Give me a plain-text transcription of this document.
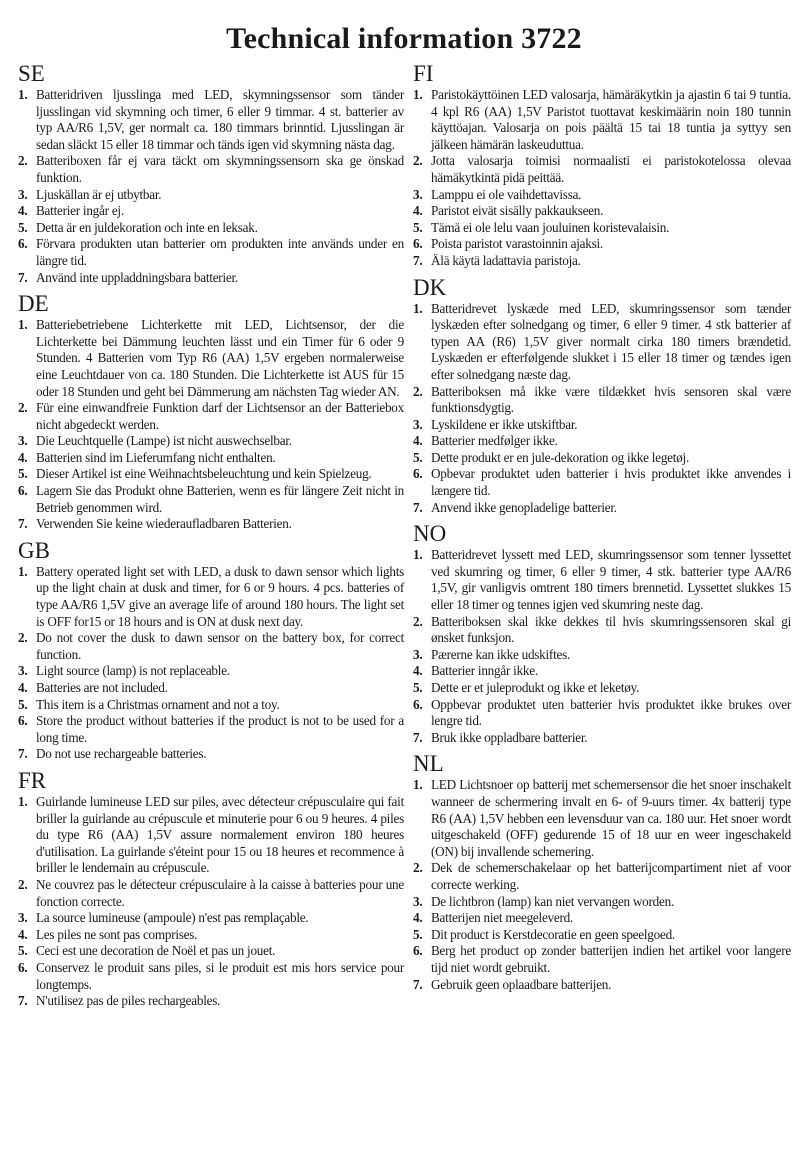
Technical information 3722
SE
1. Batteridriven ljusslinga med LED, skymningssensor som tänder ljusslingan vid skymning och timer, 6 eller 9 timmar. 4 st. batterier av typ AA/R6 1,5V, ger normalt ca. 180 timmars brinntid. Ljusslingan är sedan släckt 15 eller 18 timmar och tänds igen vid skymning nästa dag.
2. Batteriboxen får ej vara täckt om skymningssensorn ska ge önskad funktion.
3. Ljuskällan är ej utbytbar.
4. Batterier ingår ej.
5. Detta är en juldekoration och inte en leksak.
6. Förvara produkten utan batterier om produkten inte används under en längre tid.
7. Använd inte uppladdningsbara batterier.
DE
1. Batteriebetriebene Lichterkette mit LED, Lichtsensor, der die Lichterkette bei Dämmung leuchten lässt und ein Timer für 6 oder 9 Stunden. 4 Batterien vom Typ R6 (AA) 1,5V ergeben normalerweise eine Leuchtdauer von ca. 180 Stunden. Die Lichterkette ist AUS für 15 oder 18 Stunden und geht bei Dämmerung am nächsten Tag wieder AN.
2. Für eine einwandfreie Funktion darf der Lichtsensor an der Batteriebox nicht abgedeckt werden.
3. Die Leuchtquelle (Lampe) ist nicht auswechselbar.
4. Batterien sind im Lieferumfang nicht enthalten.
5. Dieser Artikel ist eine Weihnachtsbeleuchtung und kein Spielzeug.
6. Lagern Sie das Produkt ohne Batterien, wenn es für längere Zeit nicht in Betrieb genommen wird.
7. Verwenden Sie keine wiederaufladbaren Batterien.
GB
1. Battery operated light set with LED, a dusk to dawn sensor which lights up the light chain at dusk and timer, for 6 or 9 hours. 4 pcs. batteries of type AA/R6 1,5V give an average life of around 180 hours. The light set is OFF for15 or 18 hours and is ON at dusk next day.
2. Do not cover the dusk to dawn sensor on the battery box, for correct function.
3. Light source (lamp) is not replaceable.
4. Batteries are not included.
5. This item is a Christmas ornament and not a toy.
6. Store the product without batteries if the product is not to be used for a long time.
7. Do not use rechargeable batteries.
FR
1. Guirlande lumineuse LED sur piles, avec détecteur crépusculaire qui fait briller la guirlande au crépuscule et minuterie pour 6 ou 9 heures. 4 piles du type R6 (AA) 1,5V assure normalement environ 180 heures d'utilisation. La guirlande s'éteint pour 15 ou 18 heures et recommence à briller le lendemain au crépuscule.
2. Ne couvrez pas le détecteur crépusculaire à la caisse à batteries pour une fonction correcte.
3. La source lumineuse (ampoule) n'est pas remplaçable.
4. Les piles ne sont pas comprises.
5. Ceci est une decoration de Noël et pas un jouet.
6. Conservez le produit sans piles, si le produit est mis hors service pour longtemps.
7. N'utilisez pas de piles rechargeables.
FI
1. Paristokäyttöinen LED valosarja, hämäräkytkin ja ajastin 6 tai 9 tuntia. 4 kpl R6 (AA) 1,5V Paristot tuottavat keskimäärin noin 180 tunnin käyttöajan. Valosarja on pois päältä 15 tai 18 tuntia ja syttyy sen jälkeen hämärän laskeuduttua.
2. Jotta valosarja toimisi normaalisti ei paristokotelossa olevaa hämäkytkintä pidä peittää.
3. Lamppu ei ole vaihdettavissa.
4. Paristot eivät sisälly pakkaukseen.
5. Tämä ei ole lelu vaan jouluinen koristevalaisin.
6. Poista paristot varastoinnin ajaksi.
7. Älä käytä ladattavia paristoja.
DK
1. Batteridrevet lyskæde med LED, skumringssensor som tænder lyskæden efter solnedgang og timer, 6 eller 9 timer. 4 stk batterier af typen AA (R6) 1,5V giver normalt cirka 180 timers brændetid. Lyskæden er efterfølgende slukket i 15 eller 18 timer og tændes igen efter solnedgang næste dag.
2. Batteriboksen må ikke være tildækket hvis sensoren skal være funktionsdygtig.
3. Lyskildene er ikke utskiftbar.
4. Batterier medfølger ikke.
5. Dette produkt er en jule-dekoration og ikke legetøj.
6. Opbevar produktet uden batterier i hvis produktet ikke anvendes i længere tid.
7. Anvend ikke genopladelige batterier.
NO
1. Batteridrevet lyssett med LED, skumringssensor som tenner lyssettet ved skumring og timer, 6 eller 9 timer, 4 stk. batterier type AA/R6 1,5V, gir vanligvis omtrent 180 timers brennetid. Lyssettet slukkes 15 eller 18 timer og tennes igjen ved skumring neste dag.
2. Batteriboksen skal ikke dekkes til hvis skumringssensoren skal gi ønsket funksjon.
3. Pærerne kan ikke udskiftes.
4. Batterier inngår ikke.
5. Dette er et juleprodukt og ikke et leketøy.
6. Oppbevar produktet uten batterier hvis produktet ikke brukes over lengre tid.
7. Bruk ikke oppladbare batterier.
NL
1. LED Lichtsnoer op batterij met schemersensor die het snoer inschakelt wanneer de schermering invalt en 6- of 9-uurs timer. 4x batterij type R6 (AA) 1,5V hebben een levensduur van ca. 180 uur. Het snoer wordt uitgeschakeld (OFF) gedurende 15 of 18 uur en weer ingeschakeld (ON) bij invallende schemering.
2. Dek de schemerschakelaar op het batterijcompartiment niet af voor correcte werking.
3. De lichtbron (lamp) kan niet vervangen worden.
4. Batterijen niet meegeleverd.
5. Dit product is Kerstdecoratie en geen speelgoed.
6. Berg het product op zonder batterijen indien het artikel voor langere tijd niet wordt gebruikt.
7. Gebruik geen oplaadbare batterijen.
